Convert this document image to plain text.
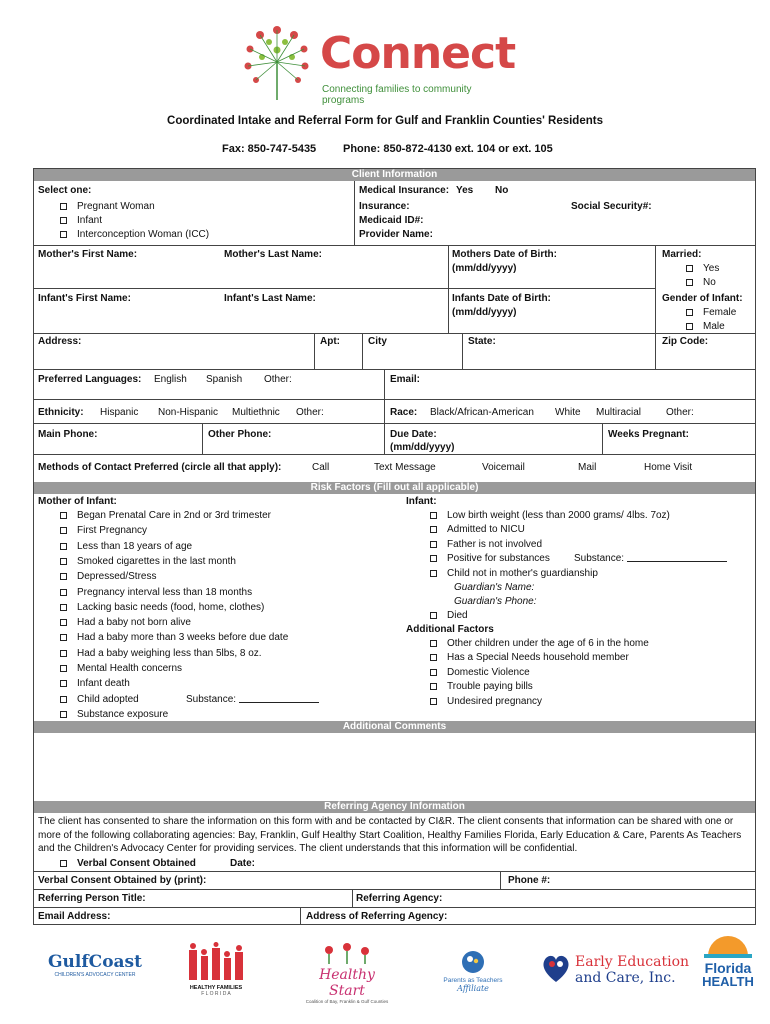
Connect
Connecting families to community programs
Coordinated Intake and Referral Form for Gulf and Franklin Counties' Residents
Fax: 850-747-5435 Phone: 850-872-4130 ext. 104 or ext. 105
Client Information
Select one:
Pregnant Woman
Infant
Interconception Woman (ICC)
Medical Insurance: Yes No
Insurance:	Social Security#:
Medicaid ID#:
Provider Name:
Mother's First Name:	Mother's Last Name:	Mothers Date of Birth:
(mm/dd/yyyy)
Married:
Yes
No
Infant's First Name:	Infant's Last Name:	Infants Date of Birth:
(mm/dd/yyyy)
Gender of Infant:
Female
Male
Address:	Apt:	City	State:	Zip Code:
Preferred Languages: English Spanish Other:	Email:
Ethnicity: Hispanic Non-Hispanic Multiethnic Other:	Race: Black/African-American White Multiracial Other:
Main Phone:	Other Phone:	Due Date:
(mm/dd/yyyy)
Weeks Pregnant:
Methods of Contact Preferred (circle all that apply):	Call	Text Message	Voicemail	Mail	Home Visit
Risk Factors (Fill out all applicable)
Mother of Infant:
Began Prenatal Care in 2nd or 3rd trimester
First Pregnancy
Less than 18 years of age
Smoked cigarettes in the last month
Depressed/Stress
Pregnancy interval less than 18 months
Lacking basic needs (food, home, clothes)
Had a baby not born alive
Had a baby more than 3 weeks before due date
Had a baby weighing less than 5lbs, 8 oz.
Mental Health concerns
Infant death
Child adopted
Substance exposure
Substance:
Infant:
Low birth weight (less than 2000 grams/ 4lbs. 7oz)
Admitted to NICU
Father is not involved
Positive for substances
Child not in mother's guardianship
Substance:
Guardian's Name:
Guardian's Phone:
Died
Additional Factors
Other children under the age of 6 in the home
Has a Special Needs household member
Domestic Violence
Trouble paying bills
Undesired pregnancy
Additional Comments
Referring Agency Information
The client has consented to share the information on this form with and be contacted by CI&R. The client consents that information can be shared with one or more of the following collaborating agencies: Bay, Franklin, Gulf Healthy Start Coalition, Healthy Families Florida, Early Education & Care, Parents As Teachers and the Children's Advocacy Center for providing services. The client understands that this information will be confidential.
Verbal Consent Obtained	Date:
Verbal Consent Obtained by (print):	Phone #:
Referring Person Title:	Referring Agency:
Email Address:	Address of Referring Agency:
GulfCoast
CHILDREN'S ADVOCACY CENTER
HEALTHY FAMILIES
F L O R I D A
Healthy Start
Coalition of Bay, Franklin & Gulf Counties
Parents as Teachers
Affiliate
Early Education
and Care, Inc.
Florida
HEALTH
